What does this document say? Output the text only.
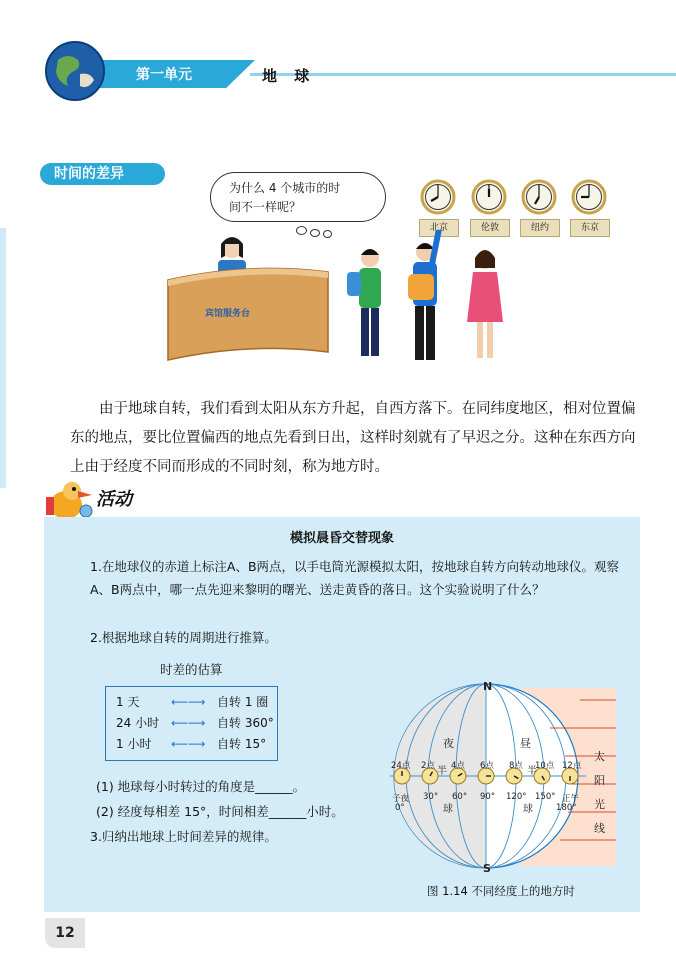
第一单元	地 球
时间的差异
为什么 4 个城市的时
间不一样呢？
北京	伦敦	纽约	东京
宾馆服务台

由于地球自转，我们看到太阳从东方升起，自西方落下。在同纬度地区，相对位置偏东的地点，要比位置偏西的地点先看到日出，这样时刻就有了早迟之分。这种在东西方向上由于经度不同而形成的不同时刻，称为地方时。

活动
模拟晨昏交替现象
1.在地球仪的赤道上标注A、B两点，以手电筒光源模拟太阳，按地球自转方向转动地球仪。观察A、B两点中，哪一点先迎来黎明的曙光、送走黄昏的落日。这个实验说明了什么？
2.根据地球自转的周期进行推算。
时差的估算
1 天	⟵⟶ 自转 1 圈
24 小时 ⟵⟶ 自转 360°
1 小时	⟵⟶ 自转 15°
(1) 地球每小时转过的角度是______。
(2) 经度每相差 15°，时间相差______小时。
3.归纳出地球上时间差异的规律。
N
S
夜	昼
半
球
半
球
太
阳
光
线
24点 2点 4点 6点 8点 10点 12点
0°
30° 60° 90° 120° 150°
180°
子夜	正午
图 1.14 不同经度上的地方时
12
